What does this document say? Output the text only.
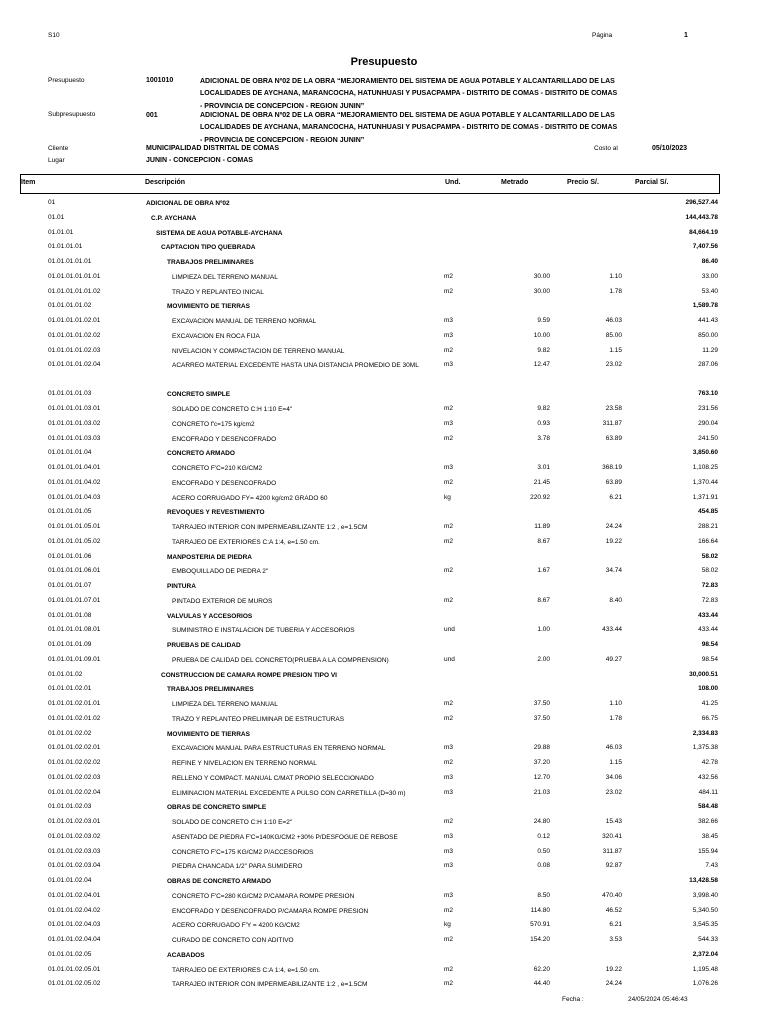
S10	Página	1
Presupuesto
Presupuesto	1001010	ADICIONAL DE OBRA Nº02 DE LA OBRA “MEJORAMIENTO DEL SISTEMA DE AGUA POTABLE Y ALCANTARILLADO DE LAS LOCALIDADES DE AYCHANA, MARANCOCHA, HATUNHUASI Y PUSACPAMPA - DISTRITO DE COMAS - DISTRITO DE COMAS - PROVINCIA DE CONCEPCION - REGION JUNIN”
Subpresupuesto	001	ADICIONAL DE OBRA Nº02 DE LA OBRA “MEJORAMIENTO DEL SISTEMA DE AGUA POTABLE Y ALCANTARILLADO DE LAS LOCALIDADES DE AYCHANA, MARANCOCHA, HATUNHUASI Y PUSACPAMPA - DISTRITO DE COMAS - DISTRITO DE COMAS - PROVINCIA DE CONCEPCION - REGION JUNIN”
Cliente	MUNICIPALIDAD DISTRITAL DE COMAS	Costo al	05/10/2023
Lugar	JUNIN - CONCEPCION - COMAS
Item	Descripción	Und.	Metrado	Precio S/.	Parcial S/.
01	ADICIONAL DE OBRA Nº02	296,527.44
01.01	C.P. AYCHANA	144,443.78
01.01.01	SISTEMA DE AGUA POTABLE-AYCHANA	84,664.19
01.01.01.01	CAPTACION TIPO QUEBRADA	7,407.56
01.01.01.01.01	TRABAJOS PRELIMINARES	86.40
01.01.01.01.01.01	LIMPIEZA DEL TERRENO MANUAL	m2	30.00	1.10	33.00
01.01.01.01.01.02	TRAZO Y REPLANTEO INICAL	m2	30.00	1.78	53.40
01.01.01.01.02	MOVIMIENTO DE TIERRAS	1,589.78
01.01.01.01.02.01	EXCAVACION MANUAL DE TERRENO NORMAL	m3	9.59	46.03	441.43
01.01.01.01.02.02	EXCAVACION EN ROCA FIJA	m3	10.00	85.00	850.00
01.01.01.01.02.03	NIVELACION Y COMPACTACION DE TERRENO MANUAL	m2	9.82	1.15	11.29
01.01.01.01.02.04	ACARREO MATERIAL EXCEDENTE HASTA UNA DISTANCIA PROMEDIO DE 30ML	m3	12.47	23.02	287.06
01.01.01.01.03	CONCRETO SIMPLE	763.10
01.01.01.01.03.01	SOLADO DE CONCRETO C:H 1:10 E=4"	m2	9.82	23.58	231.56
01.01.01.01.03.02	CONCRETO f'c=175 kg/cm2	m3	0.93	311.87	290.04
01.01.01.01.03.03	ENCOFRADO Y DESENCOFRADO	m2	3.78	63.89	241.50
01.01.01.01.04	CONCRETO ARMADO	3,850.60
01.01.01.01.04.01	CONCRETO F'C=210 KG/CM2	m3	3.01	368.19	1,108.25
01.01.01.01.04.02	ENCOFRADO Y DESENCOFRADO	m2	21.45	63.89	1,370.44
01.01.01.01.04.03	ACERO CORRUGADO FY= 4200 kg/cm2 GRADO 60	kg	220.92	6.21	1,371.91
01.01.01.01.05	REVOQUES Y REVESTIMIENTO	454.85
01.01.01.01.05.01	TARRAJEO INTERIOR CON IMPERMEABILIZANTE 1:2 , e=1.5CM	m2	11.89	24.24	288.21
01.01.01.01.05.02	TARRAJEO DE EXTERIORES C:A 1:4, e=1.50 cm.	m2	8.67	19.22	166.64
01.01.01.01.06	MANPOSTERIA DE PIEDRA	58.02
01.01.01.01.06.01	EMBOQUILLADO DE PIEDRA 2"	m2	1.67	34.74	58.02
01.01.01.01.07	PINTURA	72.83
01.01.01.01.07.01	PINTADO EXTERIOR DE MUROS	m2	8.67	8.40	72.83
01.01.01.01.08	VALVULAS Y ACCESORIOS	433.44
01.01.01.01.08.01	SUMINISTRO E INSTALACION DE TUBERIA Y ACCESORIOS	und	1.00	433.44	433.44
01.01.01.01.09	PRUEBAS DE CALIDAD	98.54
01.01.01.01.09.01	PRUEBA DE CALIDAD DEL CONCRETO(PRUEBA A LA COMPRENSION)	und	2.00	49.27	98.54
01.01.01.02	CONSTRUCCION DE CAMARA ROMPE PRESION TIPO VI	30,000.51
01.01.01.02.01	TRABAJOS PRELIMINARES	108.00
01.01.01.02.01.01	LIMPIEZA DEL TERRENO MANUAL	m2	37.50	1.10	41.25
01.01.01.02.01.02	TRAZO Y REPLANTEO PRELIMINAR DE ESTRUCTURAS	m2	37.50	1.78	66.75
01.01.01.02.02	MOVIMIENTO DE TIERRAS	2,334.83
01.01.01.02.02.01	EXCAVACION MANUAL PARA ESTRUCTURAS EN TERRENO NORMAL	m3	29.88	46.03	1,375.38
01.01.01.02.02.02	REFINE Y NIVELACION EN TERRENO NORMAL	m2	37.20	1.15	42.78
01.01.01.02.02.03	RELLENO Y COMPACT. MANUAL C/MAT PROPIO SELECCIONADO	m3	12.70	34.06	432.56
01.01.01.02.02.04	ELIMINACION MATERIAL EXCEDENTE A PULSO CON CARRETILLA (D=30 m)	m3	21.03	23.02	484.11
01.01.01.02.03	OBRAS DE CONCRETO SIMPLE	584.48
01.01.01.02.03.01	SOLADO DE CONCRETO C:H 1:10 E=2"	m2	24.80	15.43	382.66
01.01.01.02.03.02	ASENTADO DE PIEDRA F'C=140KG/CM2 +30% P/DESFOGUE DE REBOSE	m3	0.12	320.41	38.45
01.01.01.02.03.03	CONCRETO F'C=175 KG/CM2 P/ACCESORIOS	m3	0.50	311.87	155.94
01.01.01.02.03.04	PIEDRA CHANCADA 1/2" PARA SUMIDERO	m3	0.08	92.87	7.43
01.01.01.02.04	OBRAS DE CONCRETO ARMADO	13,428.58
01.01.01.02.04.01	CONCRETO F'C=280 KG/CM2 P/CAMARA ROMPE PRESION	m3	8.50	470.40	3,998.40
01.01.01.02.04.02	ENCOFRADO Y DESENCOFRADO P/CAMARA ROMPE PRESION	m2	114.80	46.52	5,340.50
01.01.01.02.04.03	ACERO CORRUGADO F'Y = 4200 KG/CM2	kg	570.91	6.21	3,545.35
01.01.01.02.04.04	CURADO DE CONCRETO CON ADITIVO	m2	154.20	3.53	544.33
01.01.01.02.05	ACABADOS	2,372.04
01.01.01.02.05.01	TARRAJEO DE EXTERIORES C:A 1:4, e=1.50 cm.	m2	62.20	19.22	1,195.48
01.01.01.02.05.02	TARRAJEO INTERIOR CON IMPERMEABILIZANTE 1:2 , e=1.5CM	m2	44.40	24.24	1,076.26
Fecha :	24/05/2024 05:46:43
